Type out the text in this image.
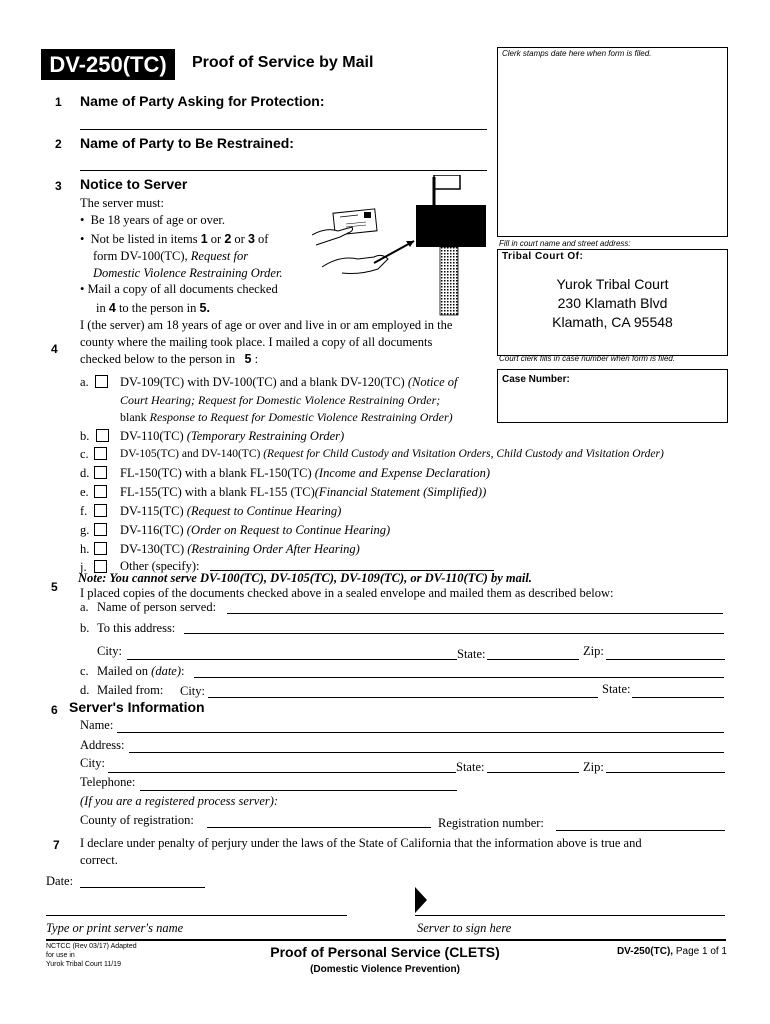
DV-250(TC)	Proof of Service by Mail
Clerk stamps date here when form is filed.
Fill in court name and street address:
Tribal Court Of:
Yurok Tribal Court
230 Klamath Blvd
Klamath, CA 95548
Court clerk fills in case number when form is filed.
Case Number:
1 Name of Party Asking for Protection:
2 Name of Party to Be Restrained:
3 Notice to Server
The server must:
•  Be 18 years of age or over.
•  Not be listed in items 1 or 2 or 3 of
form DV-100(TC), Request for
Domestic Violence Restraining Order.
• Mail a copy of all documents checked
in 4 to the person in 5.
4
I (the server) am 18 years of age or over and live in or am employed in the
county where the mailing took place. I mailed a copy of all documents
checked below to the person in 5 :
a.	DV-109(TC) with DV-100(TC) and a blank DV-120(TC) (Notice of
Court Hearing; Request for Domestic Violence Restraining Order;
blank Response to Request for Domestic Violence Restraining Order)
b. DV-110(TC) (Temporary Restraining Order)
c.	DV-105(TC) and DV-140(TC) (Request for Child Custody and Visitation Orders, Child Custody and Visitation Order)
d. FL-150(TC) with a blank FL-150(TC) (Income and Expense Declaration)
e.	FL-155(TC) with a blank FL-155 (TC)(Financial Statement (Simplified))
f.	DV-115(TC) (Request to Continue Hearing)
g. DV-116(TC) (Order on Request to Continue Hearing)
h. DV-130(TC) (Restraining Order After Hearing)
j.	Other (specify):
5
Note: You cannot serve DV-100(TC), DV-105(TC), DV-109(TC), or DV-110(TC) by mail.
I placed copies of the documents checked above in a sealed envelope and mailed them as described below:
a. Name of person served:
b. To this address:
City:	State:	Zip:
c. Mailed on (date):
d. Mailed from: City:	State:
6 Server's Information
Name:
Address:
City:	State:	Zip:
Telephone:
(If you are a registered process server):
County of registration:	Registration number:
7 I declare under penalty of perjury under the laws of the State of California that the information above is true and
correct.
Date:
Type or print server's name	Server to sign here
NCTCC (Rev 03/17) Adapted
for use in
Yurok Tribal Court 11/19
Proof of Personal Service (CLETS)
(Domestic Violence Prevention)
DV-250(TC), Page 1 of 1
